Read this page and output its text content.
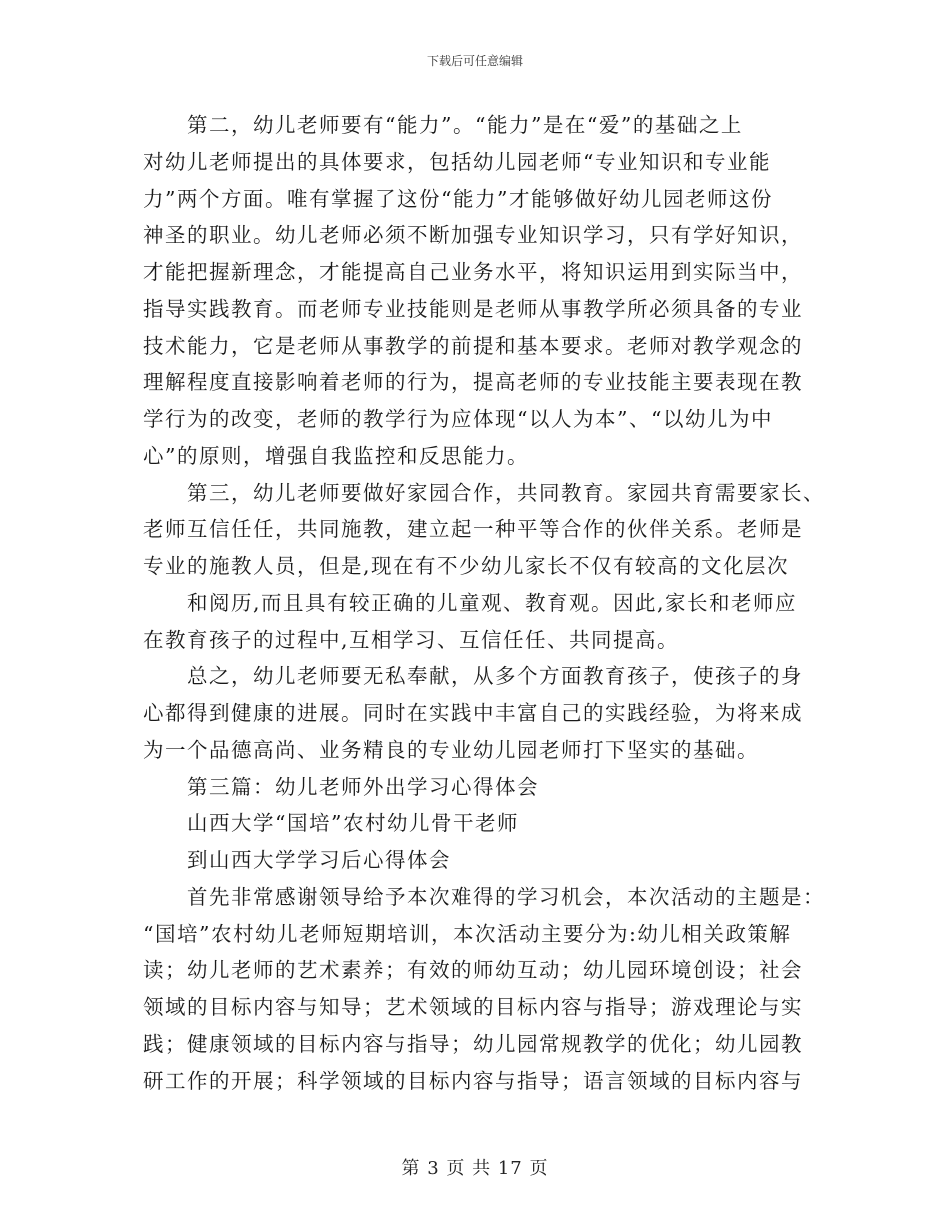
下载后可任意编辑
第二，幼儿老师要有“能力”。“能力”是在“爱”的基础之上
对幼儿老师提出的具体要求，包括幼儿园老师“专业知识和专业能
力”两个方面。唯有掌握了这份“能力”才能够做好幼儿园老师这份
神圣的职业。幼儿老师必须不断加强专业知识学习，只有学好知识，
才能把握新理念，才能提高自己业务水平，将知识运用到实际当中，
指导实践教育。而老师专业技能则是老师从事教学所必须具备的专业
技术能力，它是老师从事教学的前提和基本要求。老师对教学观念的
理解程度直接影响着老师的行为，提高老师的专业技能主要表现在教
学行为的改变，老师的教学行为应体现“以人为本”、“以幼儿为中
心”的原则，增强自我监控和反思能力。
第三，幼儿老师要做好家园合作，共同教育。家园共育需要家长、
老师互信任任，共同施教，建立起一种平等合作的伙伴关系。老师是
专业的施教人员，但是,现在有不少幼儿家长不仅有较高的文化层次
和阅历,而且具有较正确的儿童观、教育观。因此,家长和老师应
在教育孩子的过程中,互相学习、互信任任、共同提高。
总之，幼儿老师要无私奉献，从多个方面教育孩子，使孩子的身
心都得到健康的进展。同时在实践中丰富自己的实践经验，为将来成
为一个品德高尚、业务精良的专业幼儿园老师打下坚实的基础。
第三篇：幼儿老师外出学习心得体会
山西大学“国培”农村幼儿骨干老师
到山西大学学习后心得体会
首先非常感谢领导给予本次难得的学习机会，本次活动的主题是：
“国培”农村幼儿老师短期培训，本次活动主要分为:幼儿相关政策解
读；幼儿老师的艺术素养；有效的师幼互动；幼儿园环境创设；社会
领域的目标内容与知导；艺术领域的目标内容与指导；游戏理论与实
践；健康领域的目标内容与指导；幼儿园常规教学的优化；幼儿园教
研工作的开展；科学领域的目标内容与指导；语言领域的目标内容与
第 3 页 共 17 页
